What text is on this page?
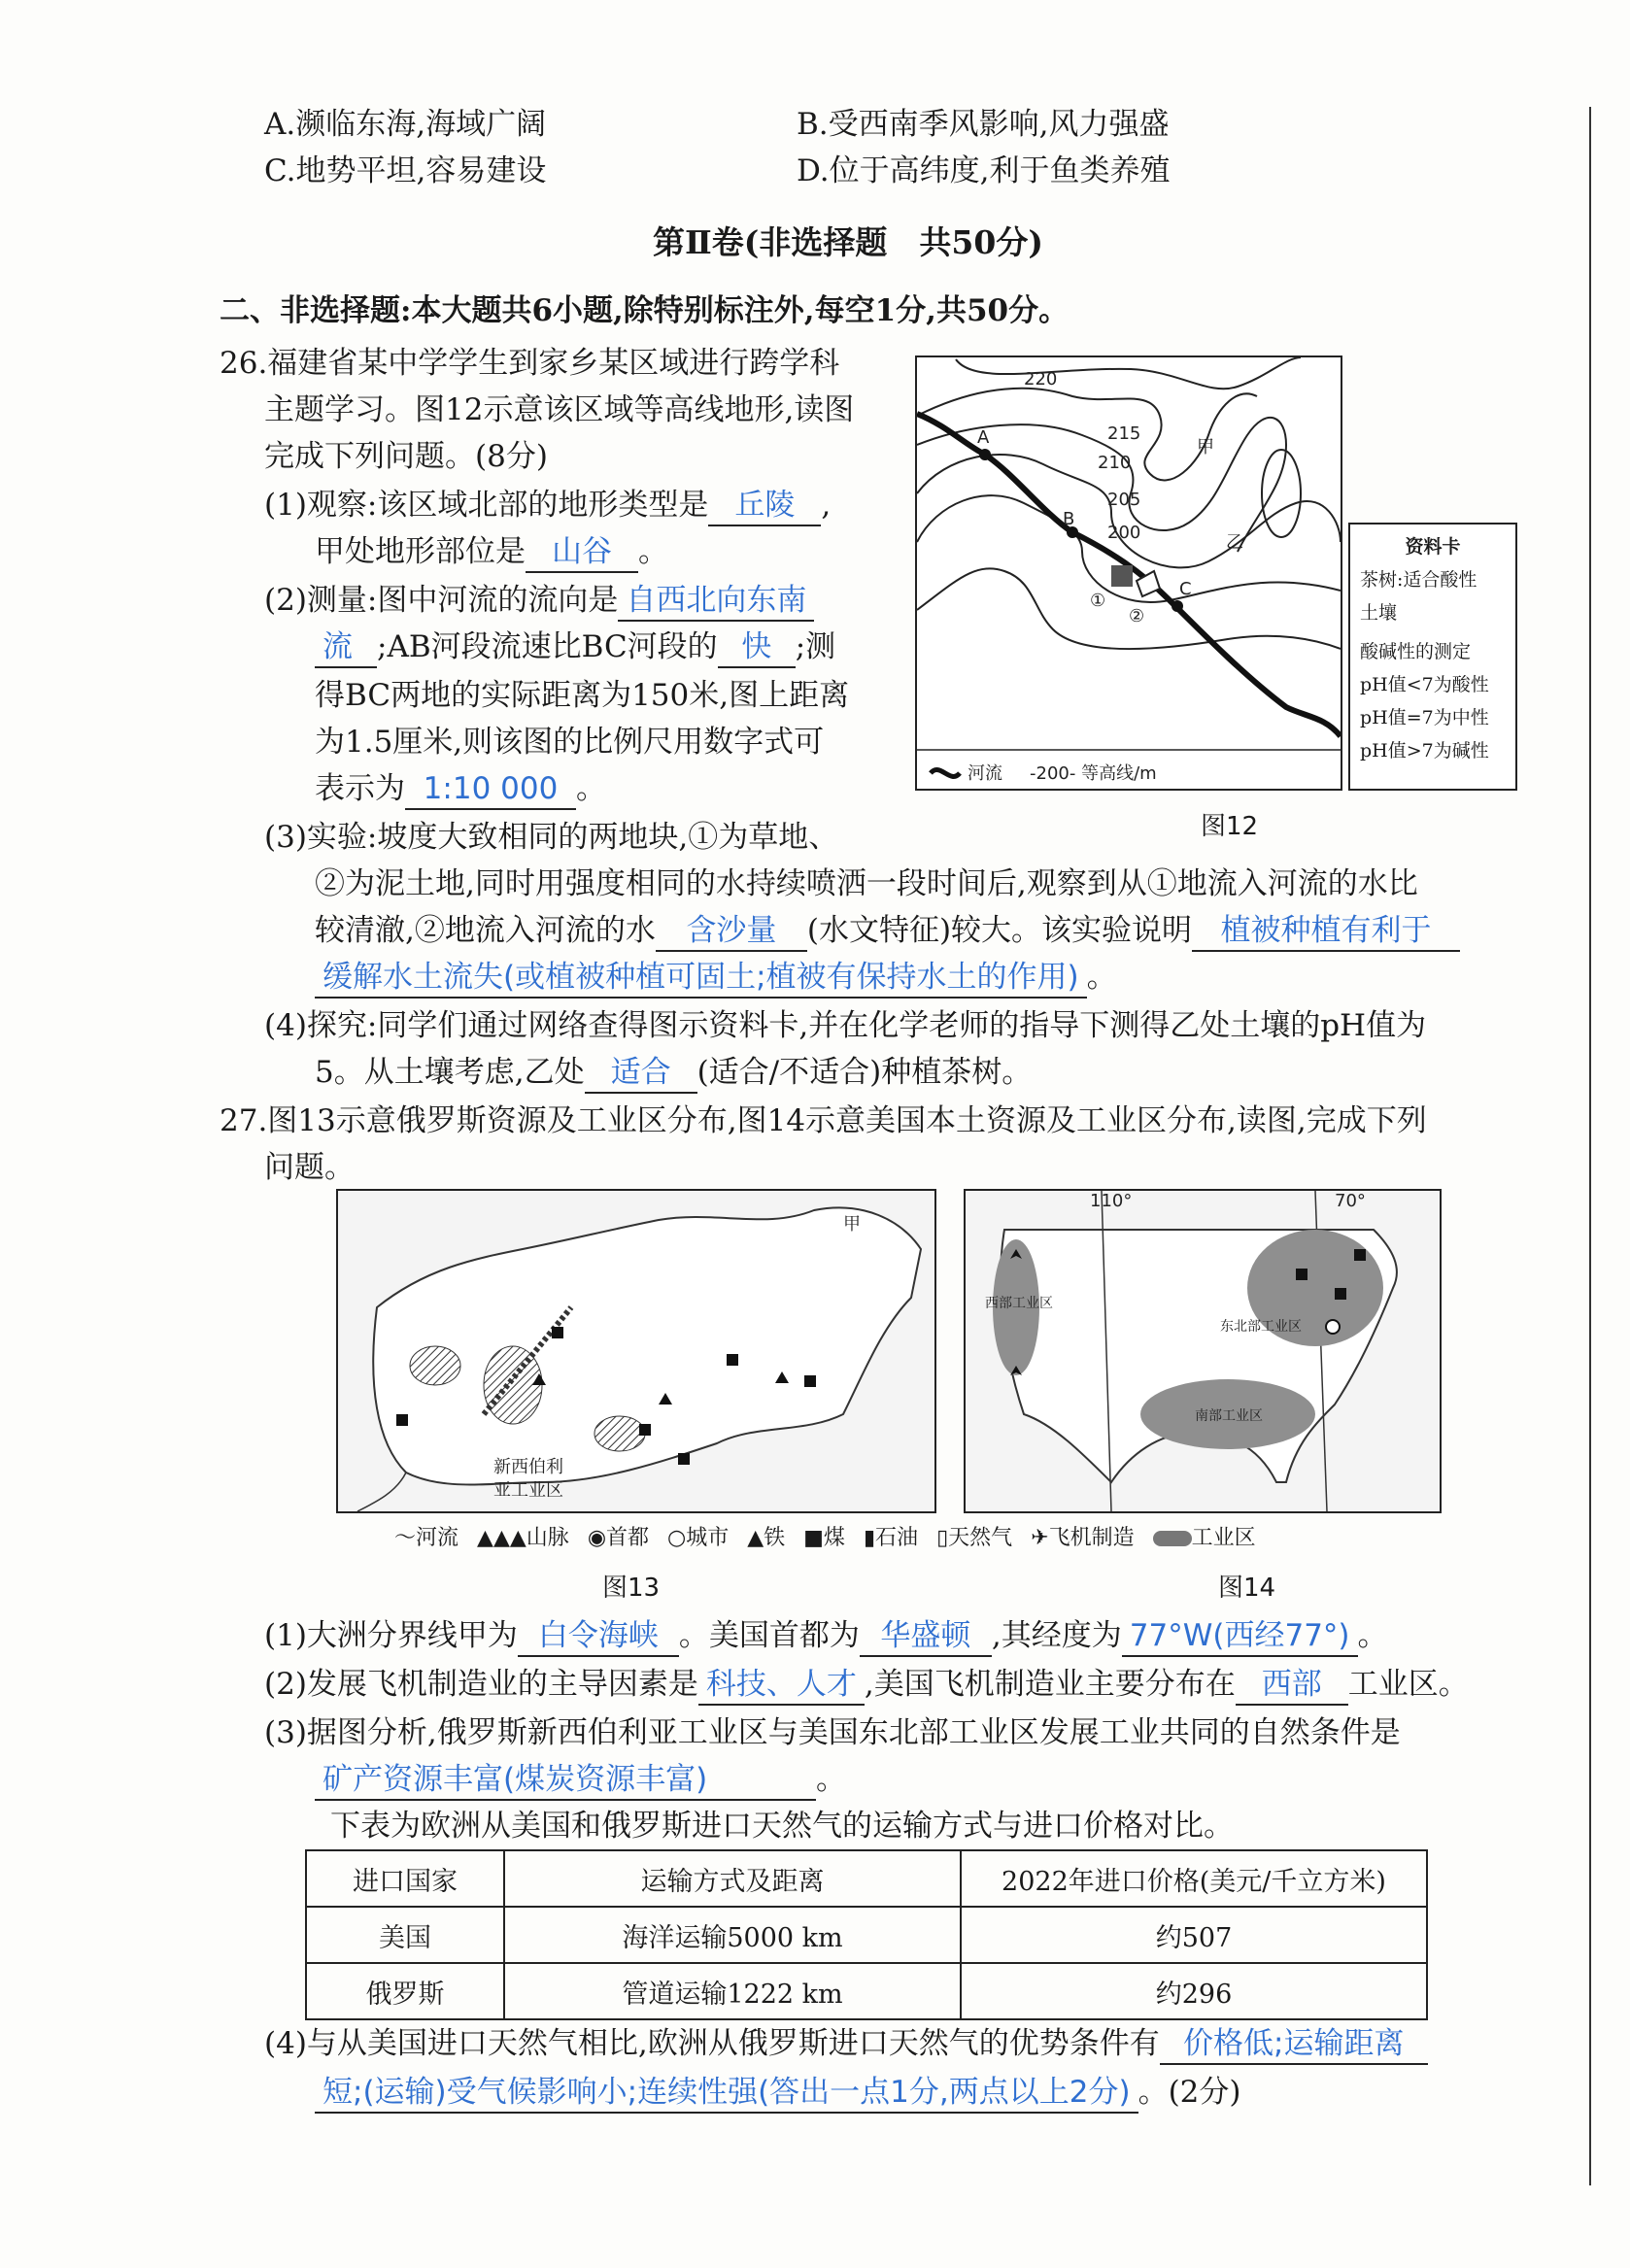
A.濒临东海,海域广阔	B.受西南季风影响,风力强盛
C.地势平坦,容易建设	D.位于高纬度,利于鱼类养殖
第Ⅱ卷(非选择题　共50分)
二、非选择题:本大题共6小题,除特别标注外,每空1分,共50分。
26.福建省某中学学生到家乡某区域进行跨学科
主题学习。图12示意该区域等高线地形,读图
完成下列问题。(8分)
(1)观察:该区域北部的地形类型是 丘陵 ,
甲处地形部位是 山谷 。
(2)测量:图中河流的流向是 自西北向东南
流 ;AB河段流速比BC河段的 快 ;测
得BC两地的实际距离为150米,图上距离
为1.5厘米,则该图的比例尺用数字式可
表示为 1:10 000 。
(3)实验:坡度大致相同的两地块,①为草地、
②为泥土地,同时用强度相同的水持续喷洒一段时间后,观察到从①地流入河流的水比
较清澈,②地流入河流的水 含沙量 (水文特征)较大。该实验说明 植被种植有利于
缓解水土流失(或植被种植可固土;植被有保持水土的作用) 。
(4)探究:同学们通过网络查得图示资料卡,并在化学老师的指导下测得乙处土壤的pH值为
5。从土壤考虑,乙处 适合 (适合/不适合)种植茶树。
220
215
210
205
200
A
B
C
甲
乙
①
②
河流 -200- 等高线/m
资料卡
茶树:适合酸性
土壤
酸碱性的测定
pH值<7为酸性
pH值=7为中性
pH值>7为碱性
图12
27.图13示意俄罗斯资源及工业区分布,图14示意美国本土资源及工业区分布,读图,完成下列
问题。
甲
新西伯利
亚工业区
110°	70°
西部工业区
东北部工业区
南部工业区
〜河流 ▲▲▲山脉 ◉首都 ○城市 ▲铁 ■煤 ▮石油 ▯天然气 ✈飞机制造	工业区
图13	图14
(1)大洲分界线甲为 白令海峡 。美国首都为 华盛顿 ,其经度为 77°W(西经77°) 。
(2)发展飞机制造业的主导因素是 科技、人才 ,美国飞机制造业主要分布在 西部 工业区。
(3)据图分析,俄罗斯新西伯利亚工业区与美国东北部工业区发展工业共同的自然条件是
矿产资源丰富(煤炭资源丰富)	。
下表为欧洲从美国和俄罗斯进口天然气的运输方式与进口价格对比。
进口国家	运输方式及距离	2022年进口价格(美元/千立方米)
美国	海洋运输5000 km	约507
俄罗斯	管道运输1222 km	约296
(4)与从美国进口天然气相比,欧洲从俄罗斯进口天然气的优势条件有 价格低;运输距离
短;(运输)受气候影响小;连续性强(答出一点1分,两点以上2分) 。(2分)
